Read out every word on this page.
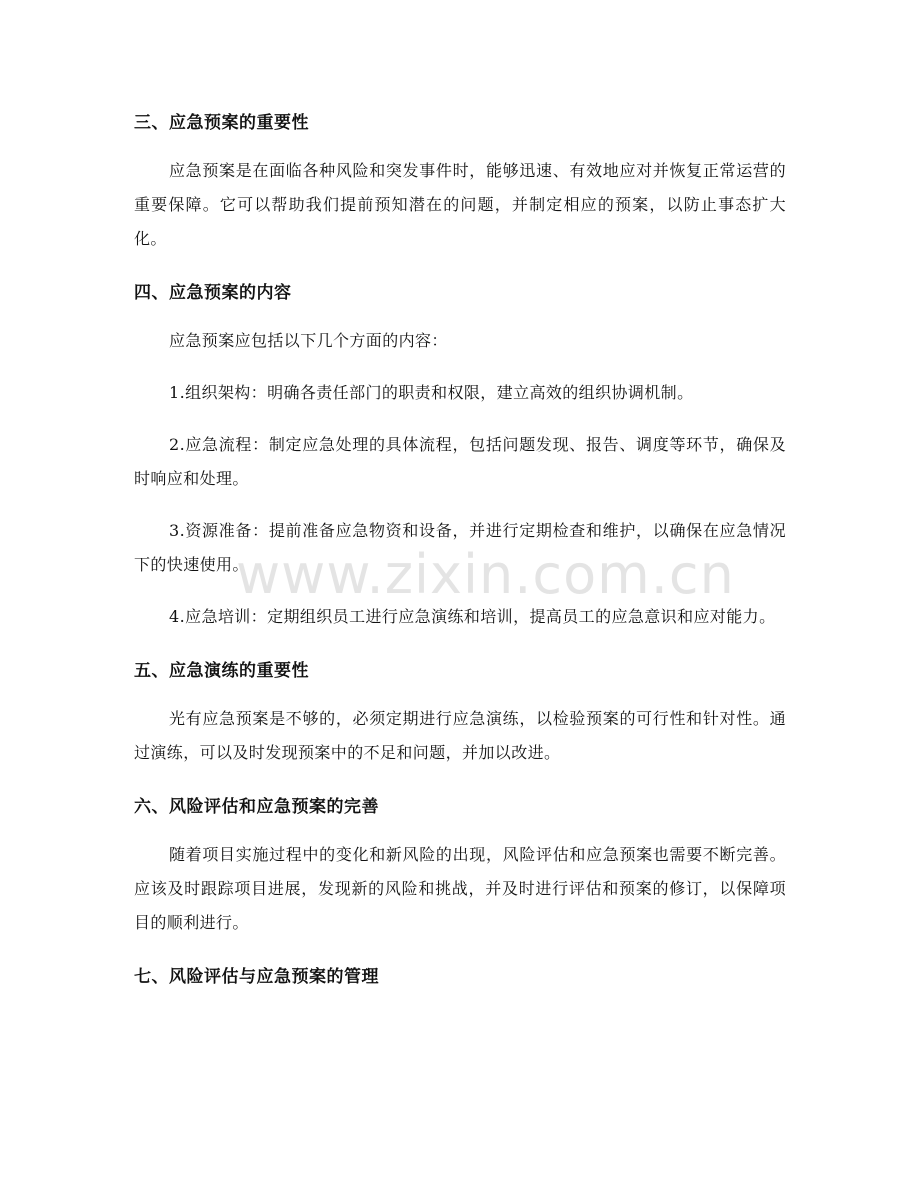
三、应急预案的重要性

应急预案是在面临各种风险和突发事件时，能够迅速、有效地应对并恢复正常运营的重要保障。它可以帮助我们提前预知潜在的问题，并制定相应的预案，以防止事态扩大化。

四、应急预案的内容

应急预案应包括以下几个方面的内容：

1.组织架构：明确各责任部门的职责和权限，建立高效的组织协调机制。

2.应急流程：制定应急处理的具体流程，包括问题发现、报告、调度等环节，确保及时响应和处理。

3.资源准备：提前准备应急物资和设备，并进行定期检查和维护，以确保在应急情况下的快速使用。

4.应急培训：定期组织员工进行应急演练和培训，提高员工的应急意识和应对能力。

五、应急演练的重要性

光有应急预案是不够的，必须定期进行应急演练，以检验预案的可行性和针对性。通过演练，可以及时发现预案中的不足和问题，并加以改进。

六、风险评估和应急预案的完善

随着项目实施过程中的变化和新风险的出现，风险评估和应急预案也需要不断完善。应该及时跟踪项目进展，发现新的风险和挑战，并及时进行评估和预案的修订，以保障项目的顺利进行。

七、风险评估与应急预案的管理
www.zixin.com.cn
